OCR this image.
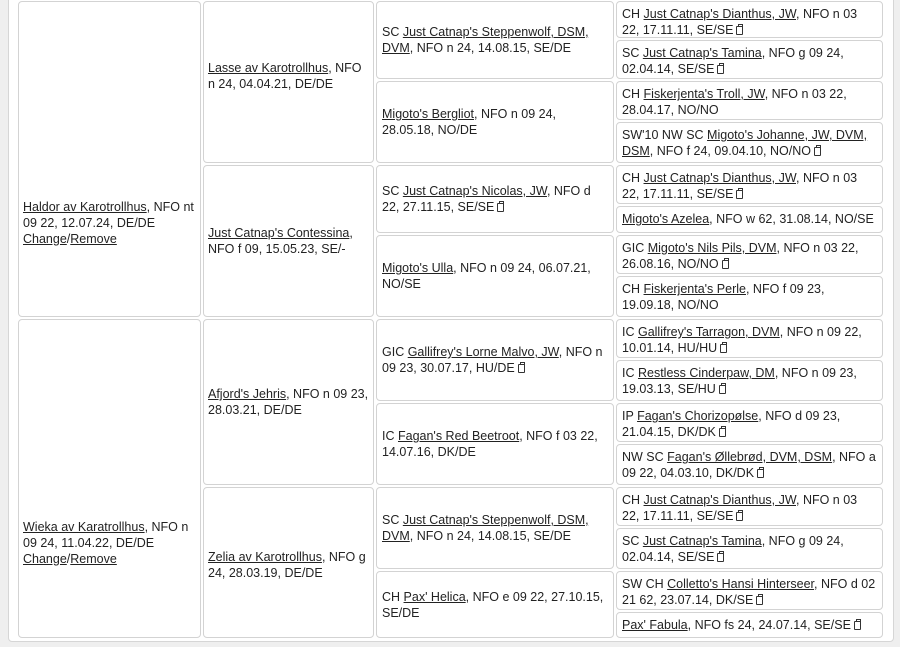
Haldor av Karotrollhus, NFO nt 09 22, 12.07.24, DE/DE
Change/Remove
Wieka av Karatrollhus, NFO n 09 24, 11.04.22, DE/DE
Change/Remove
Lasse av Karotrollhus, NFO n 24, 04.04.21, DE/DE
Just Catnap's Contessina, NFO f 09, 15.05.23, SE/-
Afjord's Jehris, NFO n 09 23, 28.03.21, DE/DE
Zelia av Karotrollhus, NFO g 24, 28.03.19, DE/DE
SC Just Catnap's Steppenwolf, DSM, DVM, NFO n 24, 14.08.15, SE/DE
Migoto's Bergliot, NFO n 09 24, 28.05.18, NO/DE
SC Just Catnap's Nicolas, JW, NFO d 22, 27.11.15, SE/SE
Migoto's Ulla, NFO n 09 24, 06.07.21, NO/SE
GIC Gallifrey's Lorne Malvo, JW, NFO n 09 23, 30.07.17, HU/DE
IC Fagan's Red Beetroot, NFO f 03 22, 14.07.16, DK/DE
SC Just Catnap's Steppenwolf, DSM, DVM, NFO n 24, 14.08.15, SE/DE
CH Pax' Helica, NFO e 09 22, 27.10.15, SE/DE
CH Just Catnap's Dianthus, JW, NFO n 03 22, 17.11.11, SE/SE
SC Just Catnap's Tamina, NFO g 09 24, 02.04.14, SE/SE
CH Fiskerjenta's Troll, JW, NFO n 03 22, 28.04.17, NO/NO
SW'10 NW SC Migoto's Johanne, JW, DVM, DSM, NFO f 24, 09.04.10, NO/NO
CH Just Catnap's Dianthus, JW, NFO n 03 22, 17.11.11, SE/SE
Migoto's Azelea, NFO w 62, 31.08.14, NO/SE
GIC Migoto's Nils Pils, DVM, NFO n 03 22, 26.08.16, NO/NO
CH Fiskerjenta's Perle, NFO f 09 23, 19.09.18, NO/NO
IC Gallifrey's Tarragon, DVM, NFO n 09 22, 10.01.14, HU/HU
IC Restless Cinderpaw, DM, NFO n 09 23, 19.03.13, SE/HU
IP Fagan's Chorizopølse, NFO d 09 23, 21.04.15, DK/DK
NW SC Fagan's Øllebrød, DVM, DSM, NFO a 09 22, 04.03.10, DK/DK
CH Just Catnap's Dianthus, JW, NFO n 03 22, 17.11.11, SE/SE
SC Just Catnap's Tamina, NFO g 09 24, 02.04.14, SE/SE
SW CH Colletto's Hansi Hinterseer, NFO d 02 21 62, 23.07.14, DK/SE
Pax' Fabula, NFO fs 24, 24.07.14, SE/SE
